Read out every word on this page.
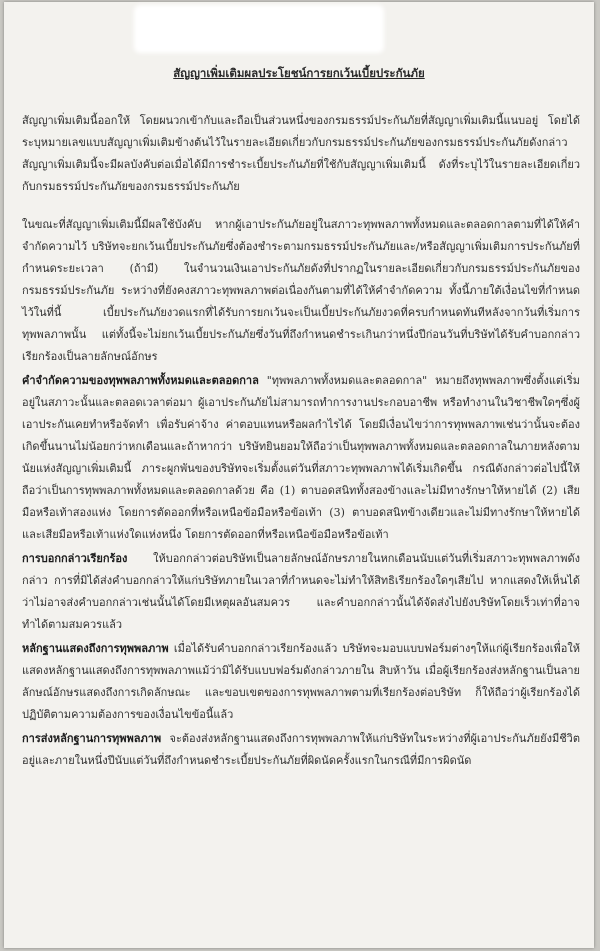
สัญญาเพิ่มเติมผลประโยชน์การยกเว้นเบี้ยประกันภัย

สัญญาเพิ่มเติมนี้ออกให้ โดยผนวกเข้ากับและถือเป็นส่วนหนึ่งของกรมธรรม์ประกันภัยที่สัญญาเพิ่มเติมนี้แนบอยู่ โดยได้ระบุหมายเลขแบบสัญญาเพิ่มเติมข้างต้นไว้ในรายละเอียดเกี่ยวกับกรมธรรม์ประกันภัยของกรมธรรม์ประกันภัยดังกล่าว สัญญาเพิ่มเติมนี้จะมีผลบังคับต่อเมื่อได้มีการชำระเบี้ยประกันภัยที่ใช้กับสัญญาเพิ่มเติมนี้ ดังที่ระบุไว้ในรายละเอียดเกี่ยวกับกรมธรรม์ประกันภัยของกรมธรรม์ประกันภัย

ในขณะที่สัญญาเพิ่มเติมนี้มีผลใช้บังคับ หากผู้เอาประกันภัยอยู่ในสภาวะทุพพลภาพทั้งหมดและตลอดกาลตามที่ได้ให้คำจำกัดความไว้ บริษัทจะยกเว้นเบี้ยประกันภัยซึ่งต้องชำระตามกรมธรรม์ประกันภัยและ/หรือสัญญาเพิ่มเติมการประกันภัยที่กำหนดระยะเวลา (ถ้ามี) ในจำนวนเงินเอาประกันภัยดังที่ปรากฏในรายละเอียดเกี่ยวกับกรมธรรม์ประกันภัยของกรมธรรม์ประกันภัย ระหว่างที่ยังคงสภาวะทุพพลภาพต่อเนื่องกันตามที่ได้ให้คำจำกัดความ ทั้งนี้ภายใต้เงื่อนไขที่กำหนดไว้ในที่นี้ เบี้ยประกันภัยงวดแรกที่ได้รับการยกเว้นจะเป็นเบี้ยประกันภัยงวดที่ครบกำหนดทันทีหลังจากวันที่เริ่มการทุพพลภาพนั้น แต่ทั้งนี้จะไม่ยกเว้นเบี้ยประกันภัยซึ่งวันที่ถึงกำหนดชำระเกินกว่าหนึ่งปีก่อนวันที่บริษัทได้รับคำบอกกล่าวเรียกร้องเป็นลายลักษณ์อักษร

คำจำกัดความของทุพพลภาพทั้งหมดและตลอดกาล "ทุพพลภาพทั้งหมดและตลอดกาล" หมายถึงทุพพลภาพซึ่งตั้งแต่เริ่มอยู่ในสภาวะนั้นและตลอดเวลาต่อมา ผู้เอาประกันภัยไม่สามารถทำการงานประกอบอาชีพ หรือทำงานในวิชาชีพใดๆซึ่งผู้เอาประกันเคยทำหรือจัดทำ เพื่อรับค่าจ้าง ค่าตอบแทนหรือผลกำไรได้ โดยมีเงื่อนไขว่าการทุพพลภาพเช่นว่านั้นจะต้องเกิดขึ้นนานไม่น้อยกว่าหกเดือนและถ้าหากว่า บริษัทยินยอมให้ถือว่าเป็นทุพพลภาพทั้งหมดและตลอดกาลในภายหลังตามนัยแห่งสัญญาเพิ่มเติมนี้ ภาระผูกพันของบริษัทจะเริ่มตั้งแต่วันที่สภาวะทุพพลภาพได้เริ่มเกิดขึ้น กรณีดังกล่าวต่อไปนี้ให้ถือว่าเป็นการทุพพลภาพทั้งหมดและตลอดกาลด้วย คือ (1) ตาบอดสนิททั้งสองข้างและไม่มีทางรักษาให้หายได้ (2) เสียมือหรือเท้าสองแห่ง โดยการตัดออกที่หรือเหนือข้อมือหรือข้อเท้า (3) ตาบอดสนิทข้างเดียวและไม่มีทางรักษาให้หายได้ และเสียมือหรือเท้าแห่งใดแห่งหนึ่ง โดยการตัดออกที่หรือเหนือข้อมือหรือข้อเท้า

การบอกกล่าวเรียกร้อง ให้บอกกล่าวต่อบริษัทเป็นลายลักษณ์อักษรภายในหกเดือนนับแต่วันที่เริ่มสภาวะทุพพลภาพดังกล่าว การที่มิได้ส่งคำบอกกล่าวให้แก่บริษัทภายในเวลาที่กำหนดจะไม่ทำให้สิทธิเรียกร้องใดๆเสียไป หากแสดงให้เห็นได้ว่าไม่อาจส่งคำบอกกล่าวเช่นนั้นได้โดยมีเหตุผลอันสมควร และคำบอกกล่าวนั้นได้จัดส่งไปยังบริษัทโดยเร็วเท่าที่อาจทำได้ตามสมควรแล้ว

หลักฐานแสดงถึงการทุพพลภาพ เมื่อได้รับคำบอกกล่าวเรียกร้องแล้ว บริษัทจะมอบแบบฟอร์มต่างๆให้แก่ผู้เรียกร้องเพื่อให้แสดงหลักฐานแสดงถึงการทุพพลภาพแม้ว่ามิได้รับแบบฟอร์มดังกล่าวภายใน สิบห้าวัน เมื่อผู้เรียกร้องส่งหลักฐานเป็นลายลักษณ์อักษรแสดงถึงการเกิดลักษณะ และขอบเขตของการทุพพลภาพตามที่เรียกร้องต่อบริษัท ก็ให้ถือว่าผู้เรียกร้องได้ปฏิบัติตามความต้องการของเงื่อนไขข้อนี้แล้ว

การส่งหลักฐานการทุพพลภาพ จะต้องส่งหลักฐานแสดงถึงการทุพพลภาพให้แก่บริษัทในระหว่างที่ผู้เอาประกันภัยยังมีชีวิตอยู่และภายในหนึ่งปีนับแต่วันที่ถึงกำหนดชำระเบี้ยประกันภัยที่ผิดนัดครั้งแรกในกรณีที่มีการผิดนัด
